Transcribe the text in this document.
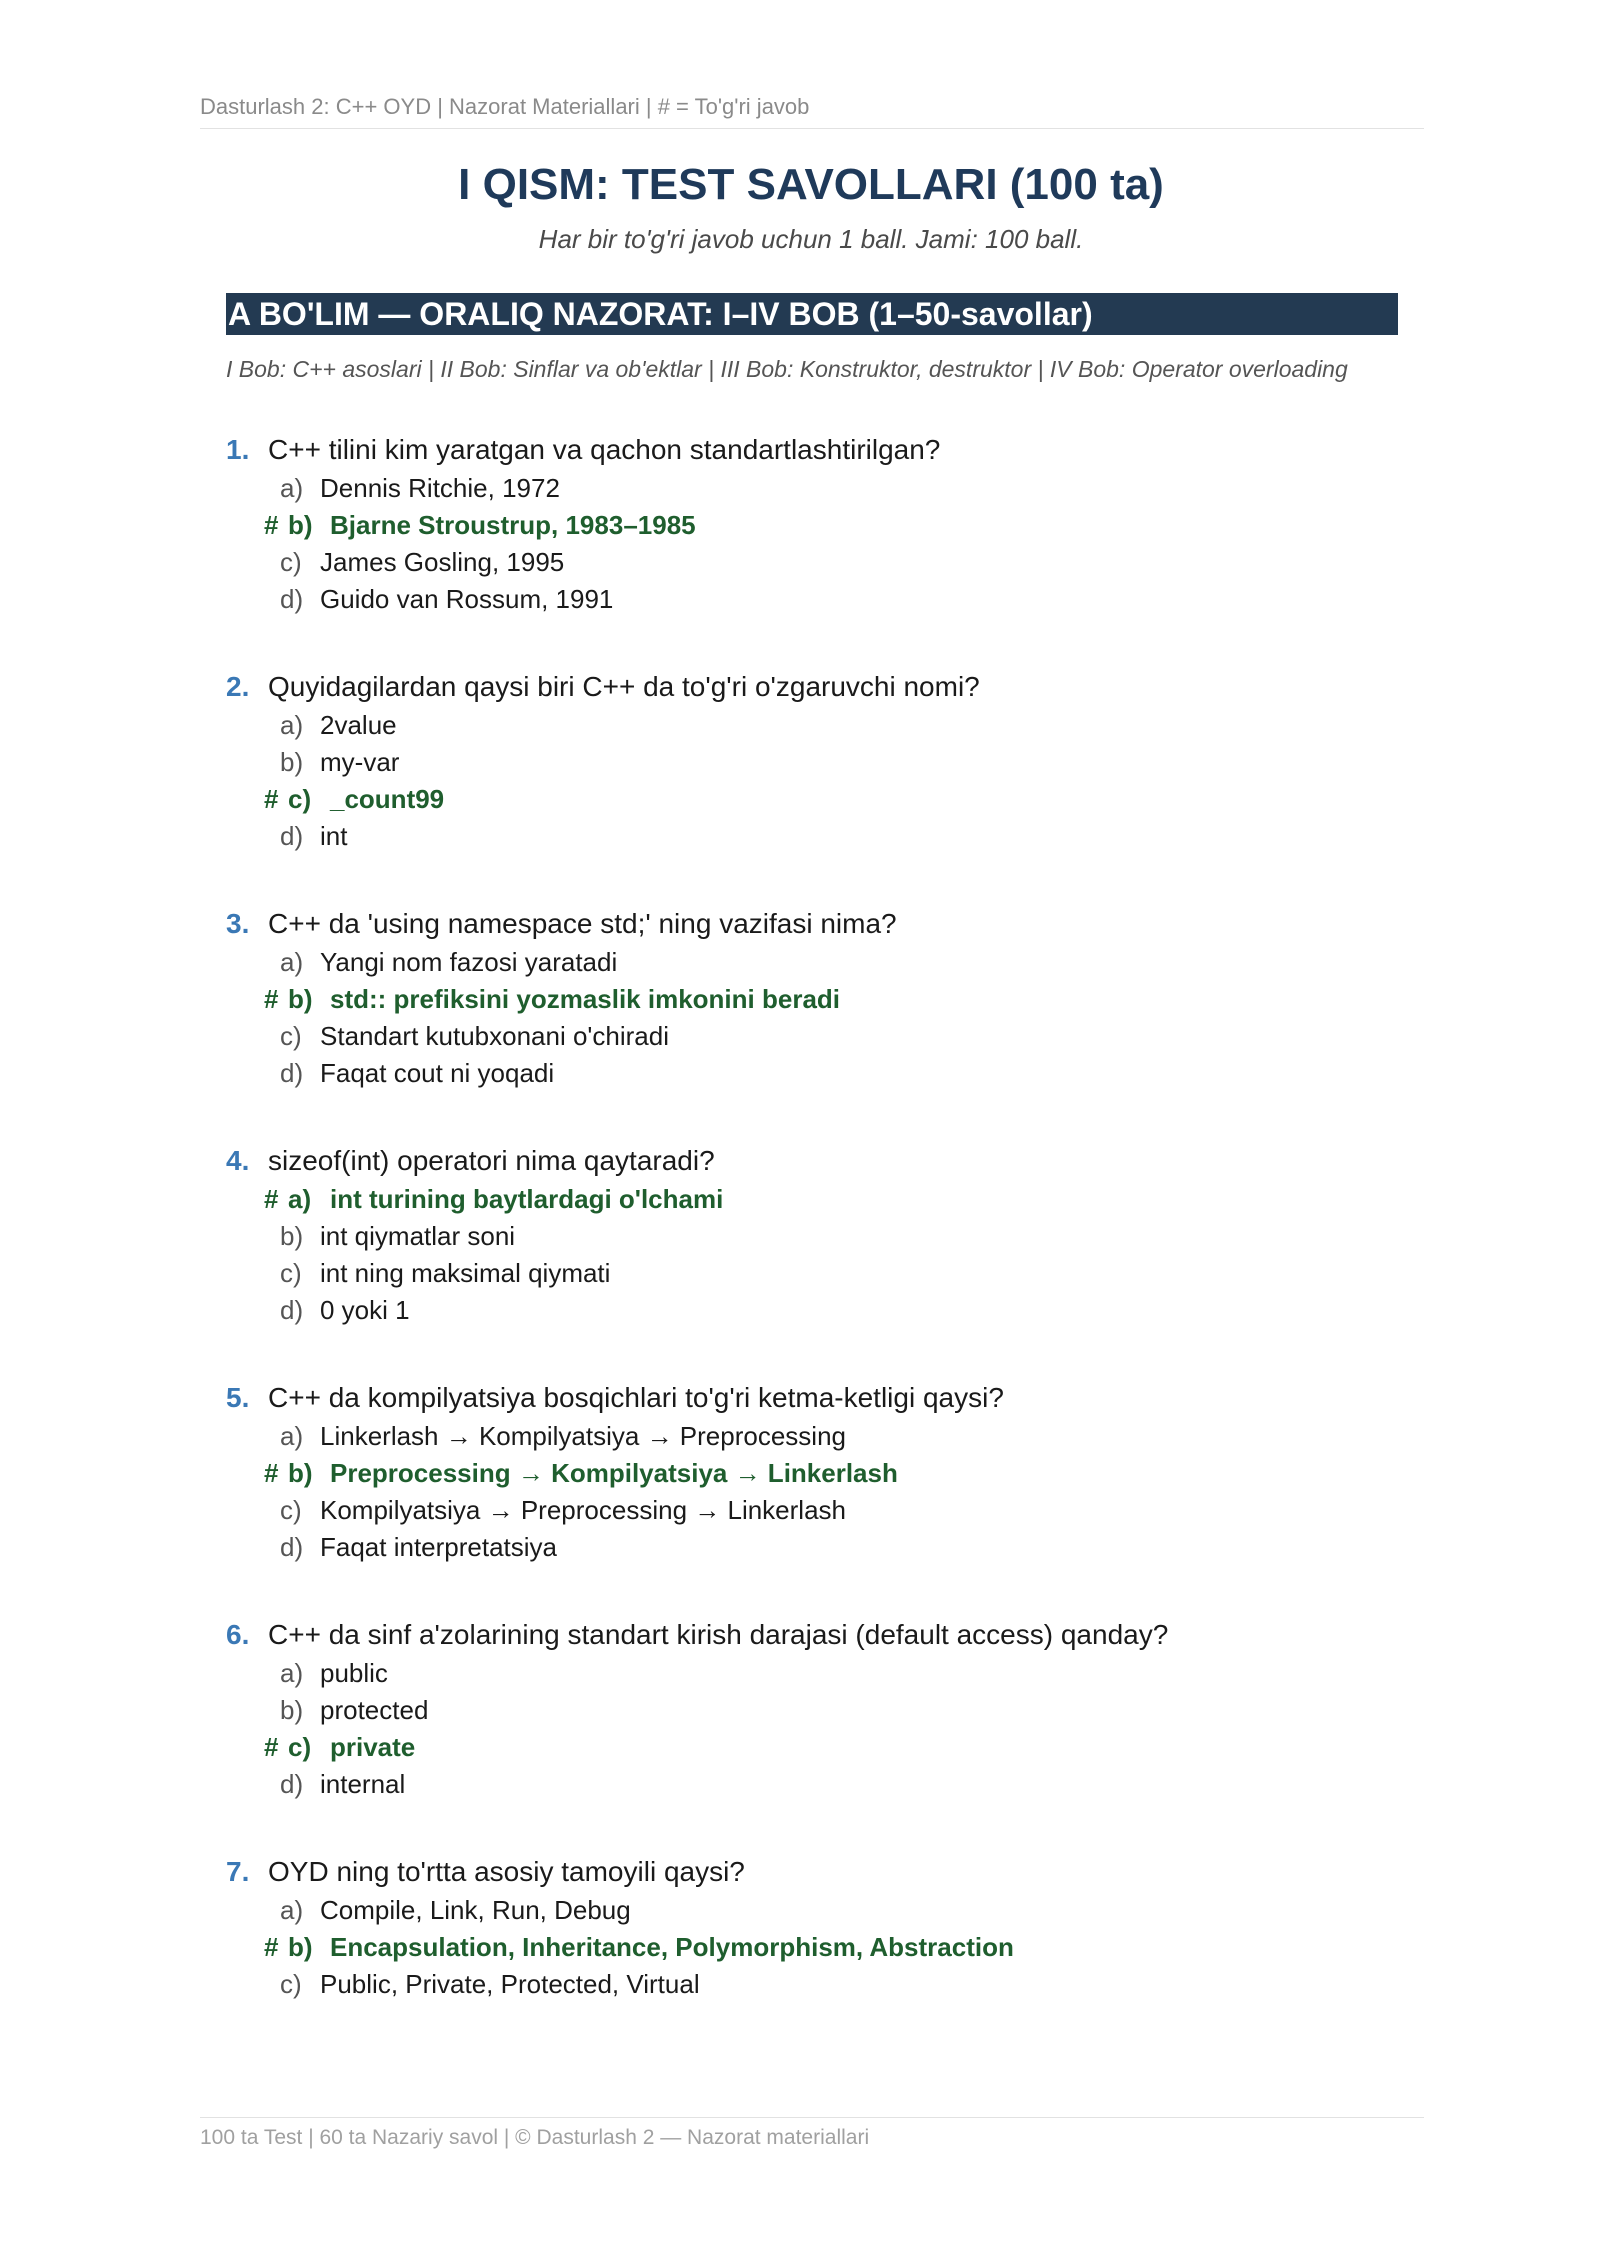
Dasturlash 2: C++ OYD | Nazorat Materiallari | # = To'g'ri javob
I QISM: TEST SAVOLLARI (100 ta)
Har bir to'g'ri javob uchun 1 ball. Jami: 100 ball.
A BO'LIM — ORALIQ NAZORAT: I–IV BOB (1–50-savollar)
I Bob: C++ asoslari | II Bob: Sinflar va ob'ektlar | III Bob: Konstruktor, destruktor | IV Bob: Operator overloading
1. C++ tilini kim yaratgan va qachon standartlashtirilgan?
a) Dennis Ritchie, 1972
# b) Bjarne Stroustrup, 1983–1985
c) James Gosling, 1995
d) Guido van Rossum, 1991
2. Quyidagilardan qaysi biri C++ da to'g'ri o'zgaruvchi nomi?
a) 2value
b) my-var
# c) _count99
d) int
3. C++ da 'using namespace std;' ning vazifasi nima?
a) Yangi nom fazosi yaratadi
# b) std:: prefiksini yozmaslik imkonini beradi
c) Standart kutubxonani o'chiradi
d) Faqat cout ni yoqadi
4. sizeof(int) operatori nima qaytaradi?
# a) int turining baytlardagi o'lchami
b) int qiymatlar soni
c) int ning maksimal qiymati
d) 0 yoki 1
5. C++ da kompilyatsiya bosqichlari to'g'ri ketma-ketligi qaysi?
a) Linkerlash → Kompilyatsiya → Preprocessing
# b) Preprocessing → Kompilyatsiya → Linkerlash
c) Kompilyatsiya → Preprocessing → Linkerlash
d) Faqat interpretatsiya
6. C++ da sinf a'zolarining standart kirish darajasi (default access) qanday?
a) public
b) protected
# c) private
d) internal
7. OYD ning to'rtta asosiy tamoyili qaysi?
a) Compile, Link, Run, Debug
# b) Encapsulation, Inheritance, Polymorphism, Abstraction
c) Public, Private, Protected, Virtual
100 ta Test | 60 ta Nazariy savol | © Dasturlash 2 — Nazorat materiallari
